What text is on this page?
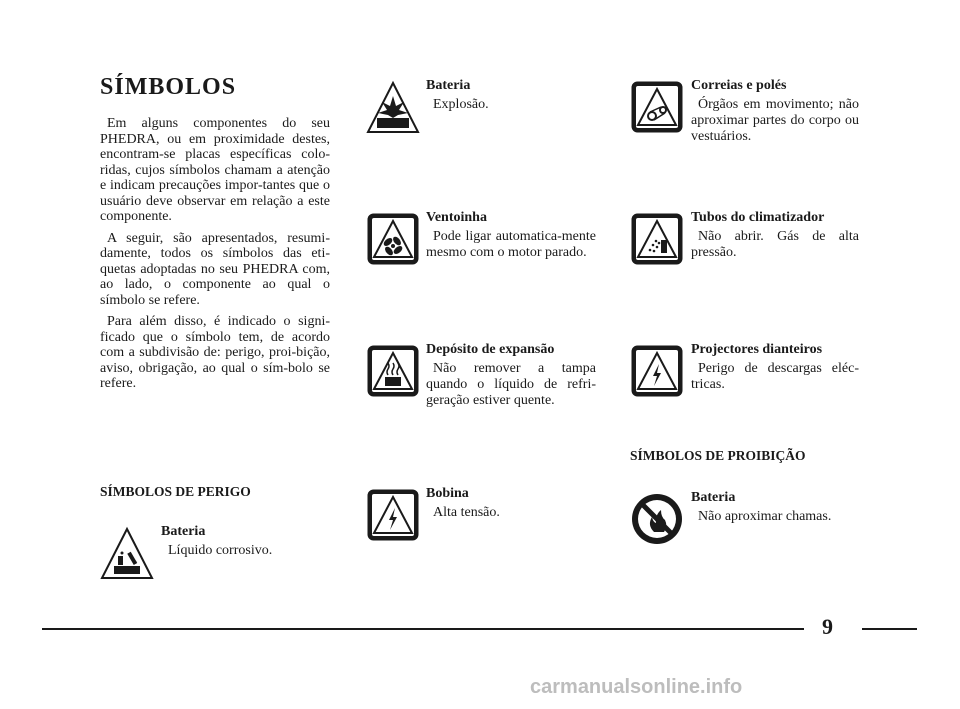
SÍMBOLOS

Em alguns componentes do seu PHEDRA, ou em proximidade destes, encontram-se placas específicas colo-ridas, cujos símbolos chamam a atenção e indicam precauções impor-tantes que o usuário deve observar em relação a este componente.

A seguir, são apresentados, resumi-damente, todos os símbolos das eti-quetas adoptadas no seu PHEDRA com, ao lado, o componente ao qual o símbolo se refere.

Para além disso, é indicado o signi-ficado que o símbolo tem, de acordo com a subdivisão de: perigo, proi-bição, aviso, obrigação, ao qual o sím-bolo se refere.

SÍMBOLOS DE PERIGO
Bateria

Líquido corrosivo.

Bateria

Explosão.

Ventoinha

Pode ligar automatica-mente mesmo com o motor parado.

Depósito de expansão

Não remover a tampa quando o líquido de refri-geração estiver quente.

Bobina

Alta tensão.

Correias e polés

Órgãos em movimento; não aproximar partes do corpo ou vestuários.

Tubos do climatizador

Não abrir. Gás de alta pressão.

Projectores dianteiros

Perigo de descargas eléc-tricas.

SÍMBOLOS DE PROIBIÇÃO
Bateria

Não aproximar chamas.

9
carmanualsonline.info
